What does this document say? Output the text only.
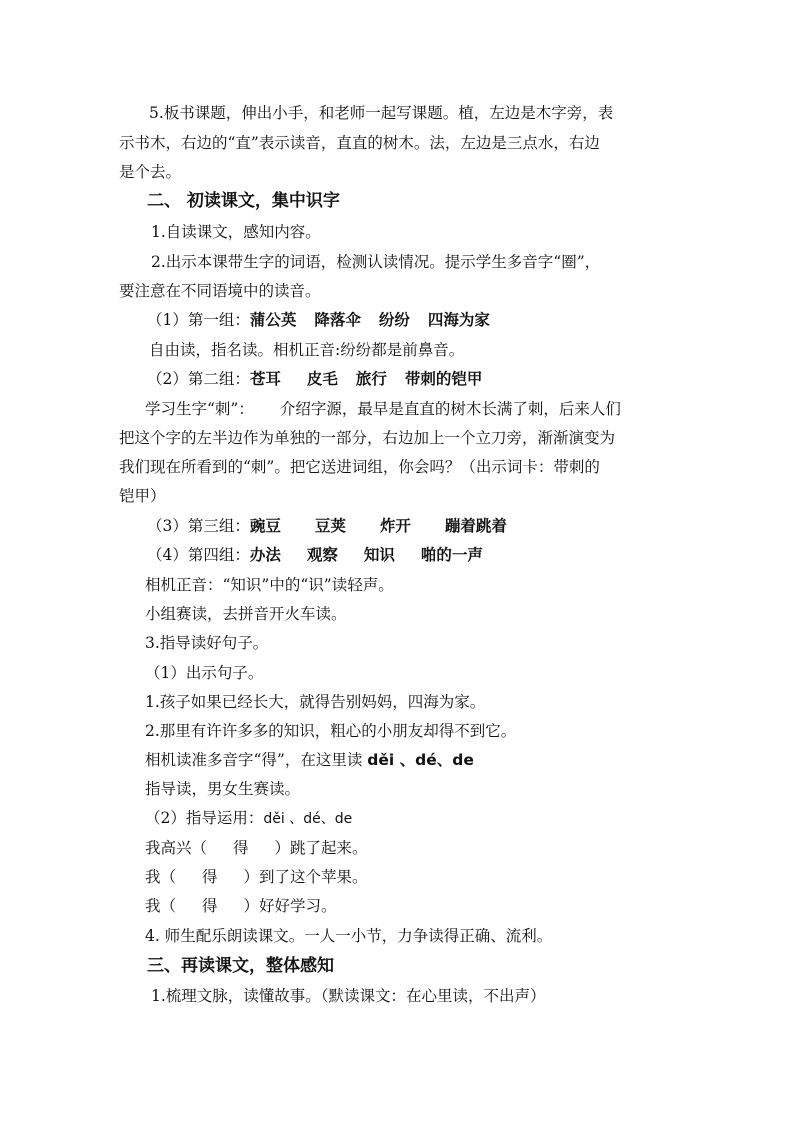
5.板书课题，伸出小手，和老师一起写课题。植，左边是木字旁，表
示书木，右边的“直”表示读音，直直的树木。法，左边是三点水，右边
是个去。
二、 初读课文，集中识字
1.自读课文，感知内容。
2.出示本课带生字的词语，检测认读情况。提示学生多音字“圈”，
要注意在不同语境中的读音。
（1）第一组：蒲公英 降落伞 纷纷 四海为家
自由读，指名读。相机正音:纷纷都是前鼻音。
（2）第二组：苍耳 皮毛 旅行 带刺的铠甲
学习生字“刺”： 介绍字源，最早是直直的树木长满了刺，后来人们
把这个字的左半边作为单独的一部分，右边加上一个立刀旁，渐渐演变为
我们现在所看到的“刺”。把它送进词组，你会吗？（出示词卡：带刺的
铠甲）
（3）第三组：豌豆 豆荚 炸开 蹦着跳着
（4）第四组：办法 观察 知识 啪的一声
相机正音：“知识”中的“识”读轻声。
小组赛读，去拼音开火车读。
3.指导读好句子。
（1）出示句子。
1.孩子如果已经长大，就得告别妈妈，四海为家。
2.那里有许许多多的知识，粗心的小朋友却得不到它。
相机读准多音字“得”，在这里读 děi 、dé、de
指导读，男女生赛读。
（2）指导运用：děi 、dé、de
我高兴（ 得 ）跳了起来。
我（ 得 ）到了这个苹果。
我（ 得 ）好好学习。
4. 师生配乐朗读课文。一人一小节，力争读得正确、流利。
三、再读课文，整体感知
1.梳理文脉，读懂故事。（默读课文：在心里读，不出声）
